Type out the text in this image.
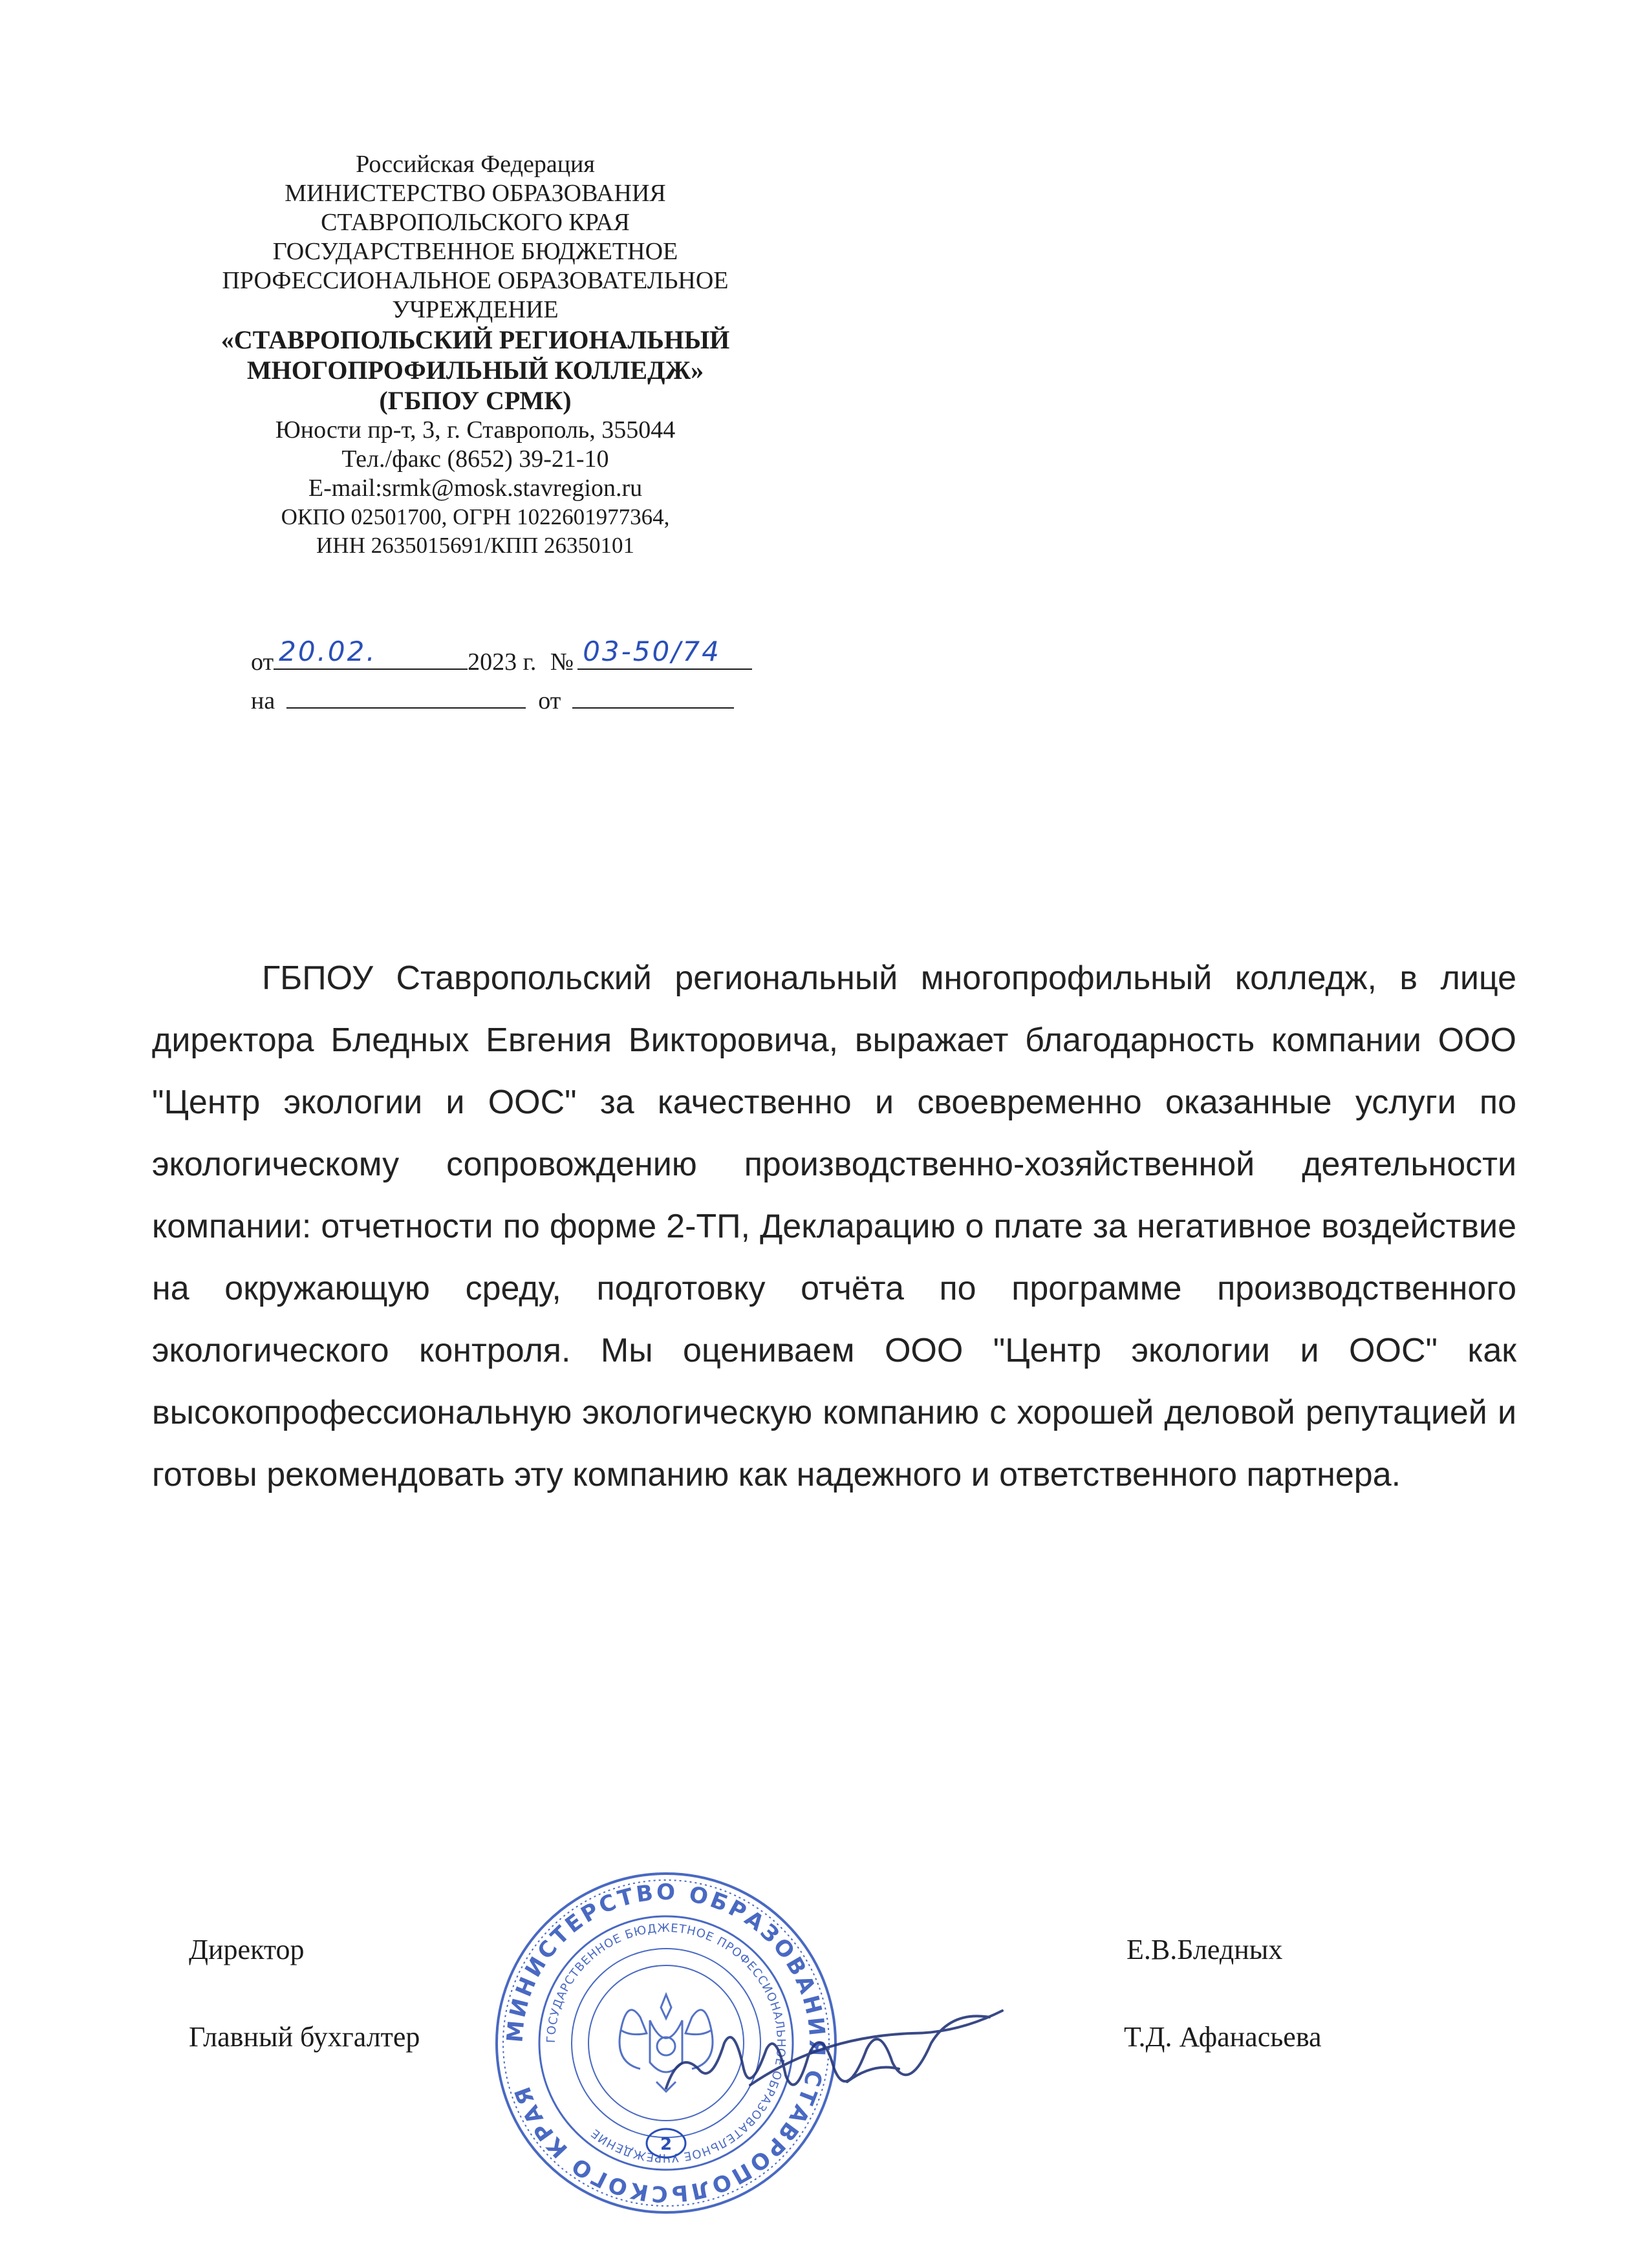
Российская Федерация
МИНИСТЕРСТВО ОБРАЗОВАНИЯ
СТАВРОПОЛЬСКОГО КРАЯ
ГОСУДАРСТВЕННОЕ БЮДЖЕТНОЕ
ПРОФЕССИОНАЛЬНОЕ ОБРАЗОВАТЕЛЬНОЕ
УЧРЕЖДЕНИЕ
«СТАВРОПОЛЬСКИЙ РЕГИОНАЛЬНЫЙ
МНОГОПРОФИЛЬНЫЙ КОЛЛЕДЖ»
(ГБПОУ СРМК)
Юности пр-т, 3, г. Ставрополь, 355044
Тел./факс (8652) 39-21-10
E-mail:srmk@mosk.stavregion.ru
ОКПО 02501700, ОГРН 1022601977364,
ИНН 2635015691/КПП 26350101
от 20.02.	2023 г. № 03-50/74
на	от
ГБПОУ Ставропольский региональный многопрофильный колледж, в лице директора Бледных Евгения Викторовича, выражает благодарность компании ООО "Центр экологии и ООС" за качественно и своевременно оказанные услуги по экологическому сопровождению производственно-хозяйственной деятельности компании: отчетности по форме 2-ТП, Декларацию о плате за негативное воздействие на окружающую среду, подготовку отчёта по программе производственного экологического контроля. Мы оцениваем ООО "Центр экологии и ООС" как высокопрофессиональную экологическую компанию с хорошей деловой репутацией и готовы рекомендовать эту компанию как надежного и ответственного партнера.
Директор	Е.В.Бледных
Главный бухгалтер	Т.Д. Афанасьева
МИНИСТЕРСТВО ОБРАЗОВАНИЯ СТАВРОПОЛЬСКОГО КРАЯ
ГОСУДАРСТВЕННОЕ БЮДЖЕТНОЕ ПРОФЕССИОНАЛЬНОЕ ОБРАЗОВАТЕЛЬНОЕ УЧРЕЖДЕНИЕ
2
